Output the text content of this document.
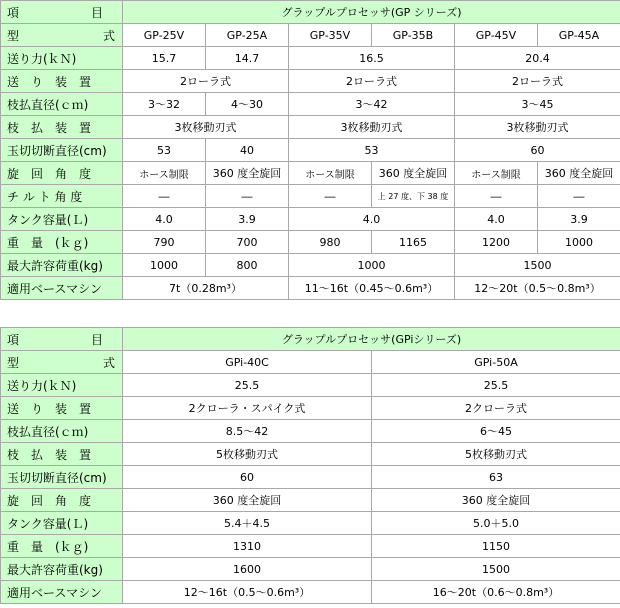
項　　　　　　目	グラップルプロセッサ(GP シリーズ)					
型　　　　　　　式	GP-25V	GP-25A	GP-35V	GP-35B	GP-45V	GP-45A
送り力(ｋＮ)	15.7	14.7	16.5		20.4	
送　り　装　置	2ローラ式		2ローラ式		2ローラ式	
枝払直径(ｃｍ)	3～32	4～30	3～42		3～45	
枝　払　装　置	3枚移動刃式		3枚移動刃式		3枚移動刃式	
玉切切断直径(cm)	53	40	53		60	
旋　回　角　度	ホース制限	360 度全旋回	ホース制限	360 度全旋回	ホース制限	360 度全旋回
チ ル ト 角 度	―	―	―	上 27 度、下 38 度	―	―
タンク容量(Ｌ)	4.0	3.9	4.0		4.0	3.9
重　量　(ｋｇ)	790	700	980	1165	1200	1000
最大許容荷重(kg)	1000	800	1000		1500	
適用ベースマシン	7t（0.28m³）		11～16t（0.45～0.6m³）		12～20t（0.5～0.8m³）	
項　　　　　　目	グラップルプロセッサ(GPiシリーズ)	
型　　　　　　　式	GPi-40C	GPi-50A
送り力(ｋＮ)	25.5	25.5
送　り　装　置	2クローラ・スパイク式	2クローラ式
枝払直径(ｃｍ)	8.5～42	6～45
枝　払　装　置	5枚移動刃式	5枚移動刃式
玉切切断直径(cm)	60	63
旋　回　角　度	360 度全旋回	360 度全旋回
タンク容量(Ｌ)	5.4＋4.5	5.0＋5.0
重　量　(ｋｇ)	1310	1150
最大許容荷重(kg)	1600	1500
適用ベースマシン	12～16t（0.5～0.6m³）	16～20t（0.6～0.8m³）
